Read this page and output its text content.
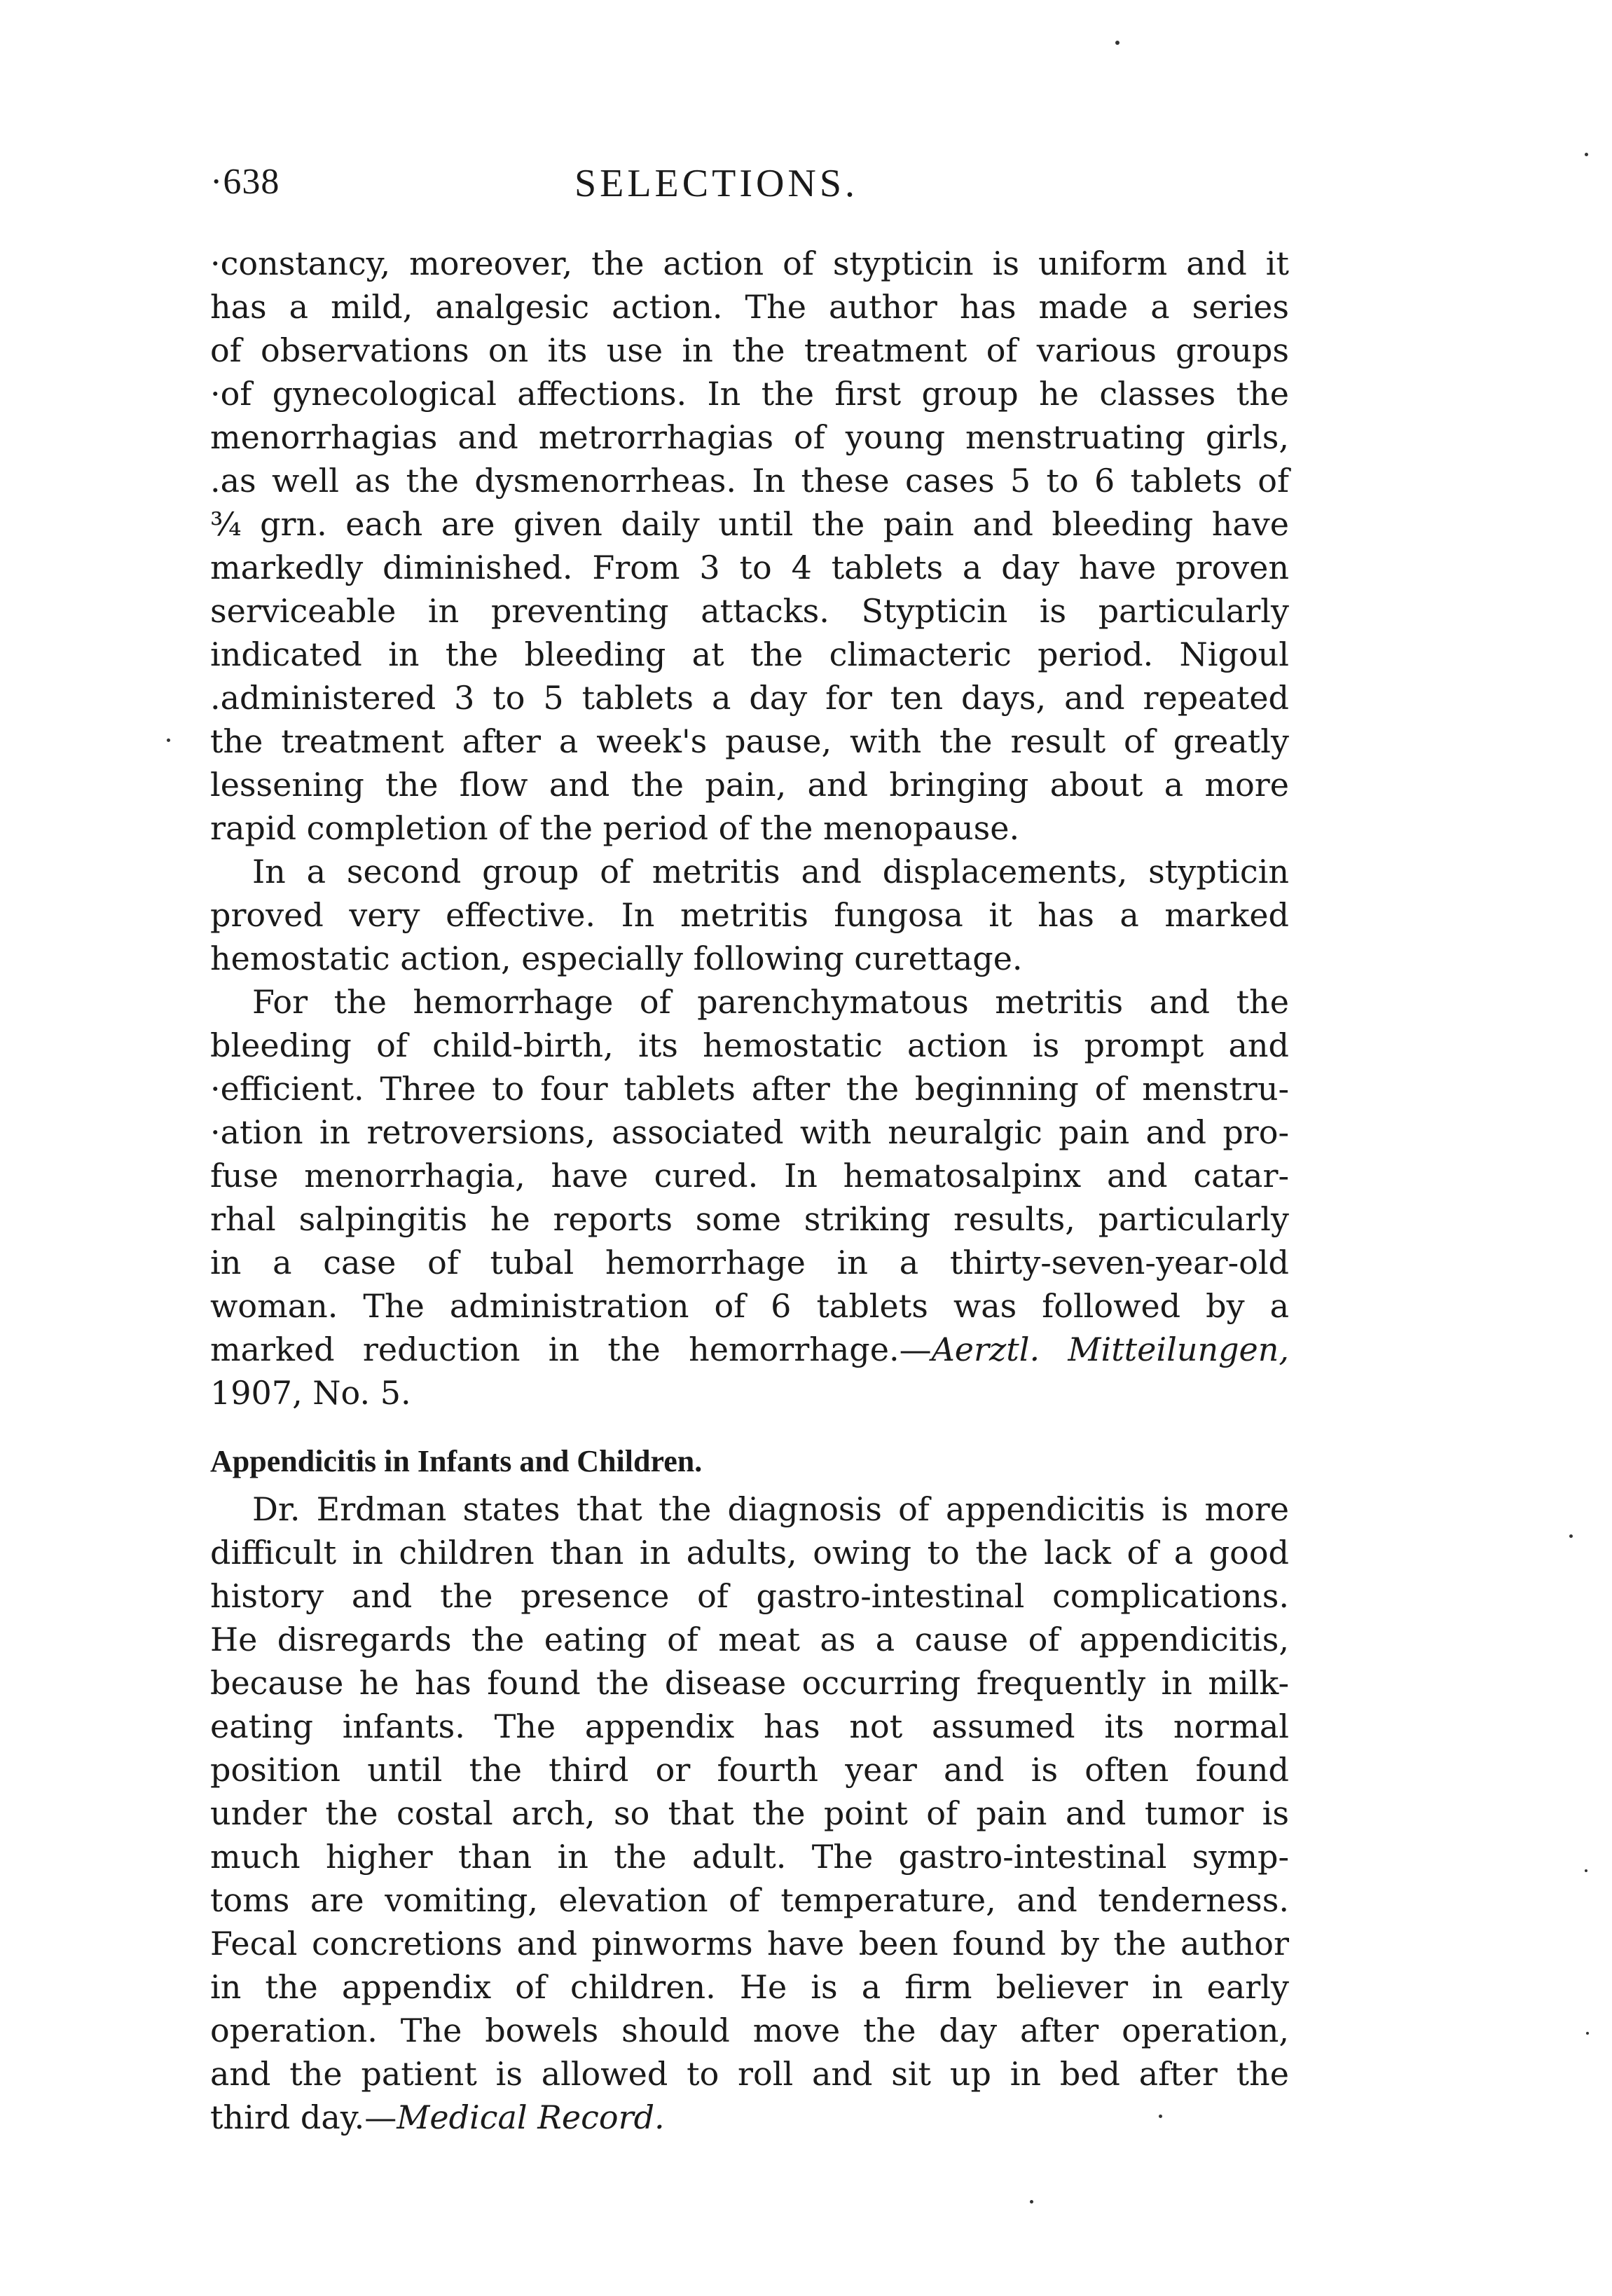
·638	SELECTIONS.
·constancy, moreover, the action of stypticin is uniform and it
has a mild, analgesic action. The author has made a series
of observations on its use in the treatment of various groups
·of gynecological affections. In the first group he classes the
menorrhagias and metrorrhagias of young menstruating girls,
.as well as the dysmenorrheas. In these cases 5 to 6 tablets of
¾ grn. each are given daily until the pain and bleeding have
markedly diminished. From 3 to 4 tablets a day have proven
serviceable in preventing attacks. Stypticin is particularly
indicated in the bleeding at the climacteric period. Nigoul
.administered 3 to 5 tablets a day for ten days, and repeated
the treatment after a week's pause, with the result of greatly
lessening the flow and the pain, and bringing about a more
rapid completion of the period of the menopause.
In a second group of metritis and displacements, stypticin
proved very effective. In metritis fungosa it has a marked
hemostatic action, especially following curettage.
For the hemorrhage of parenchymatous metritis and the
bleeding of child-birth, its hemostatic action is prompt and
·efficient. Three to four tablets after the beginning of menstru-
·ation in retroversions, associated with neuralgic pain and pro-
fuse menorrhagia, have cured. In hematosalpinx and catar-
rhal salpingitis he reports some striking results, particularly
in a case of tubal hemorrhage in a thirty-seven-year-old
woman. The administration of 6 tablets was followed by a
marked reduction in the hemorrhage.—Aerztl. Mitteilungen,
1907, No. 5.
Appendicitis in Infants and Children.
Dr. Erdman states that the diagnosis of appendicitis is more
difficult in children than in adults, owing to the lack of a good
history and the presence of gastro-intestinal complications.
He disregards the eating of meat as a cause of appendicitis,
because he has found the disease occurring frequently in milk-
eating infants. The appendix has not assumed its normal
position until the third or fourth year and is often found
under the costal arch, so that the point of pain and tumor is
much higher than in the adult. The gastro-intestinal symp-
toms are vomiting, elevation of temperature, and tenderness.
Fecal concretions and pinworms have been found by the author
in the appendix of children. He is a firm believer in early
operation. The bowels should move the day after operation,
and the patient is allowed to roll and sit up in bed after the
third day.—Medical Record.
